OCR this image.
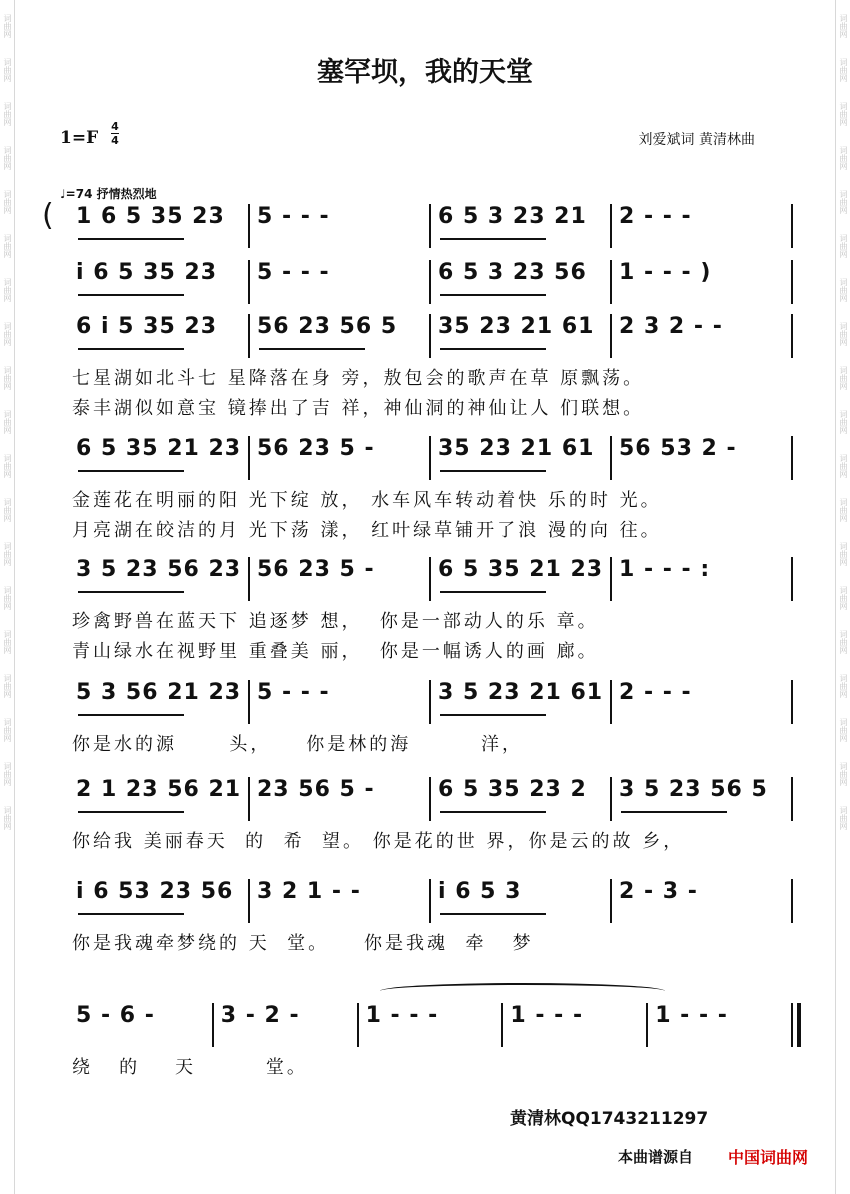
词曲网
词曲网
词曲网
词曲网
词曲网
词曲网
词曲网
词曲网
词曲网
词曲网
词曲网
词曲网
词曲网
词曲网
词曲网
词曲网
词曲网
词曲网
词曲网
词曲网
词曲网
词曲网
词曲网
词曲网
词曲网
词曲网
词曲网
词曲网
词曲网
词曲网
词曲网
词曲网
词曲网
词曲网
词曲网
词曲网
词曲网
词曲网
塞罕坝，我的天堂
1=F
4
4	刘爱斌词 黄清林曲
♩=74 抒情热烈地
( 1 6 5 35 23	5 - - -	6 5 3 23 21	2 - - -
i 6 5 35 23	5 - - -	6 5 3 23 56	1 - - - )
6 i 5 35 23	56 23 56 5	35 23 21 61	2 3 2 - -
七星湖如北斗七 星降落在身 旁，敖包会的歌声在草 原飘荡。
泰丰湖似如意宝 镜捧出了吉 祥，神仙洞的神仙让人 们联想。
6 5 35 21 23 56 23 5 -	35 23 21 61	56 53 2 -
金莲花在明丽的阳 光下绽 放， 水车风车转动着快 乐的时 光。
月亮湖在皎洁的月 光下荡 漾， 红叶绿草铺开了浪 漫的向 往。
3 5 23 56 23 56 23 5 -	6 5 35 21 23 1 - - - :
珍禽野兽在蓝天下 追逐梦 想，  你是一部动人的乐 章。
青山绿水在视野里 重叠美 丽，  你是一幅诱人的画 廊。
5 3 56 21 23 5 - - -	3 5 23 21 61 2 - - -
你是水的源      头，    你是林的海        洋，
2 1 23 56 21 23 56 5 -	6 5 35 23 2	3 5 23 56 5
你给我 美丽春天  的  希  望。 你是花的世 界，你是云的故 乡，
i 6 53 23 56	3 2 1 - -	i 6 5 3	2 - 3 -
你是我魂牵梦绕的 天  堂。    你是我魂  牵   梦
5 - 6 -	3 - 2 -	1 - - -	1 - - -	1 - - -
绕   的    天        堂。
黄清林QQ1743211297
本曲谱源自 中国词曲网
